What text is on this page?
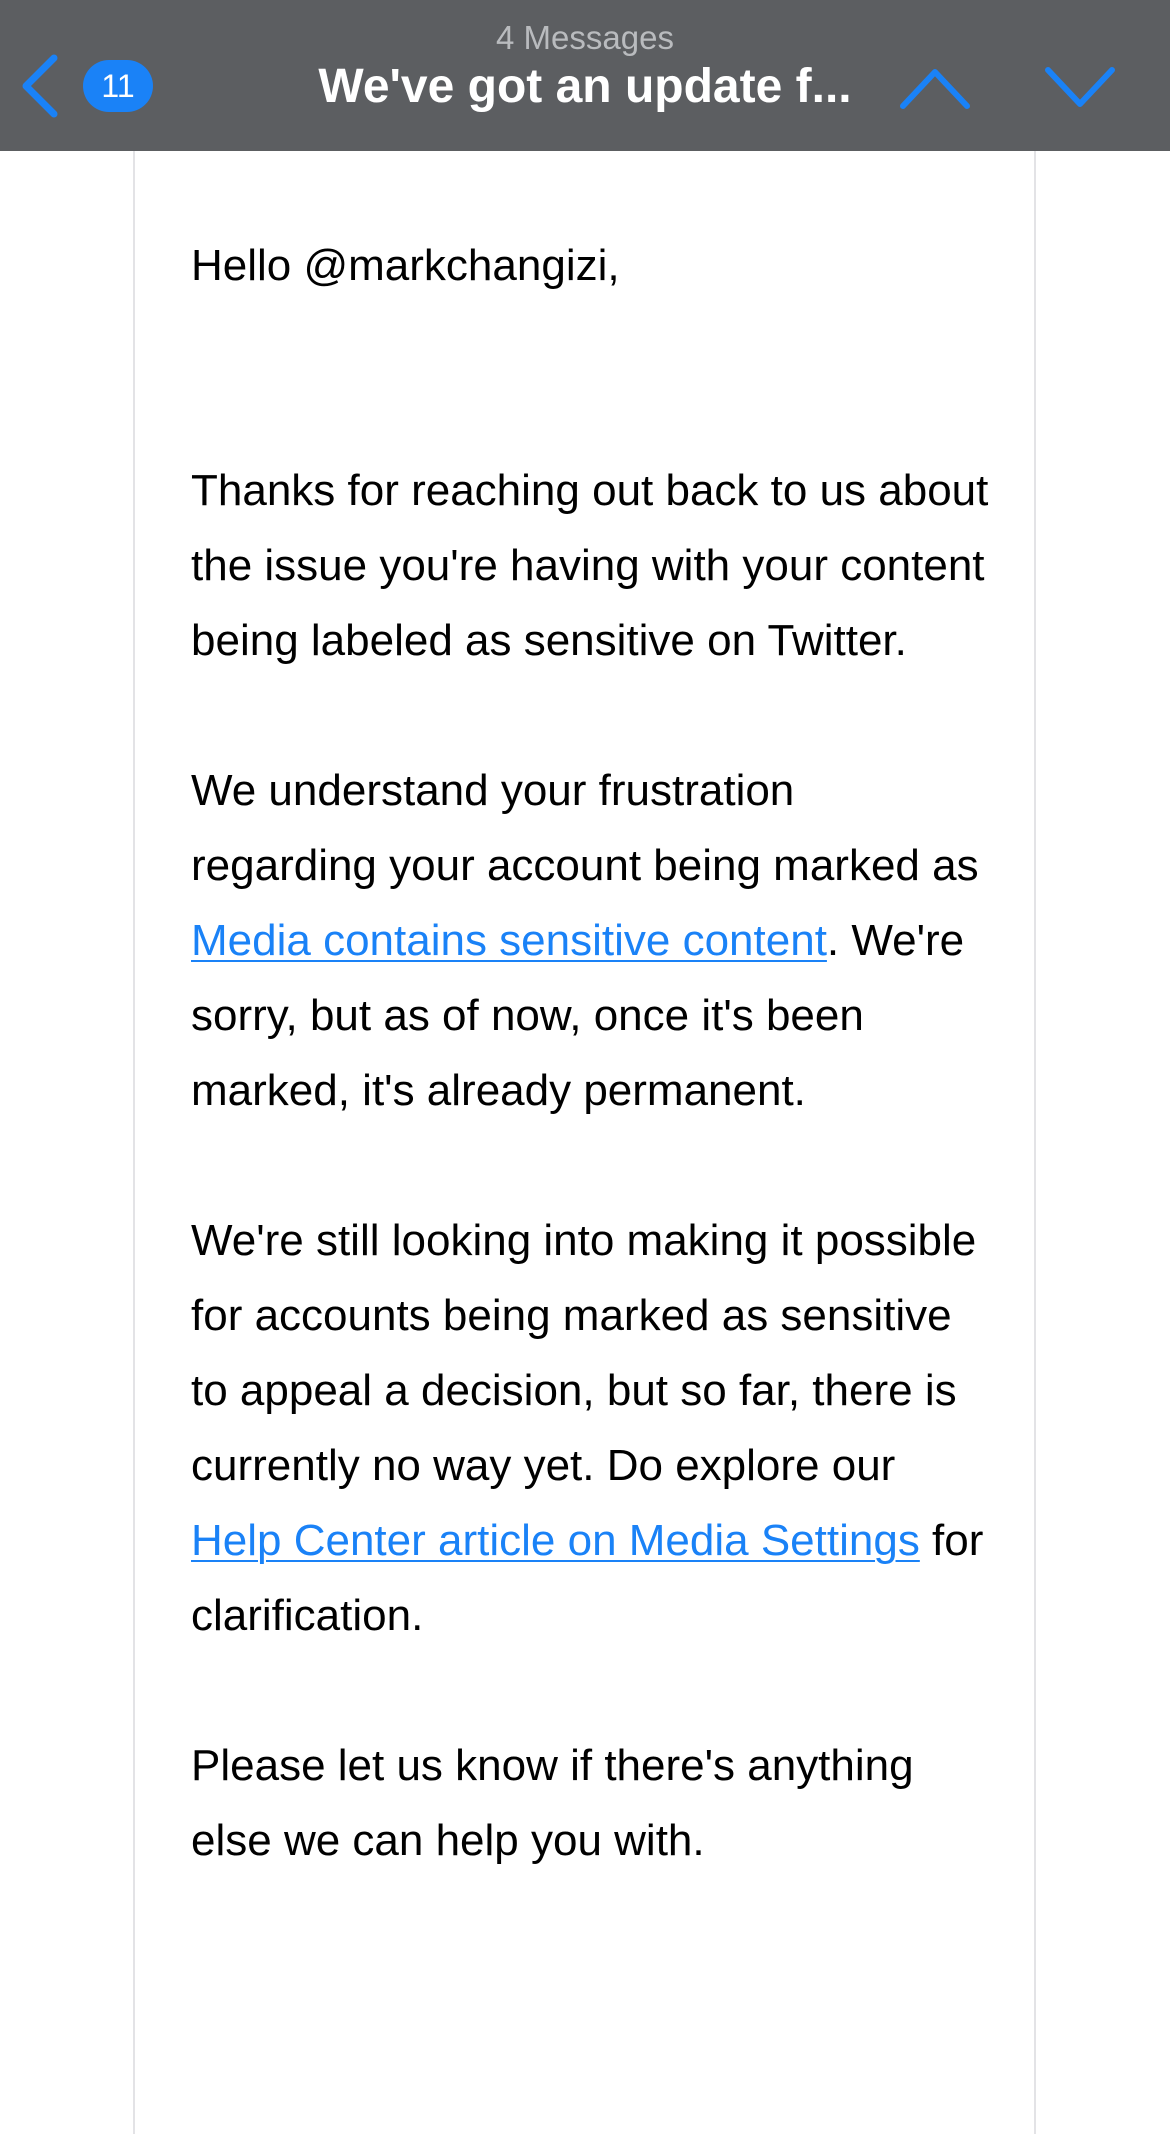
11
4 Messages
We've got an update f...

Hello @markchangizi,

Thanks for reaching out back to us about the issue you're having with your content being labeled as sensitive on Twitter.

We understand your frustration regarding your account being marked as Media contains sensitive content. We're sorry, but as of now, once it's been marked, it's already permanent.

We're still looking into making it possible for accounts being marked as sensitive to appeal a decision, but so far, there is currently no way yet. Do explore our Help Center article on Media Settings for clarification.

Please let us know if there's anything else we can help you with.
